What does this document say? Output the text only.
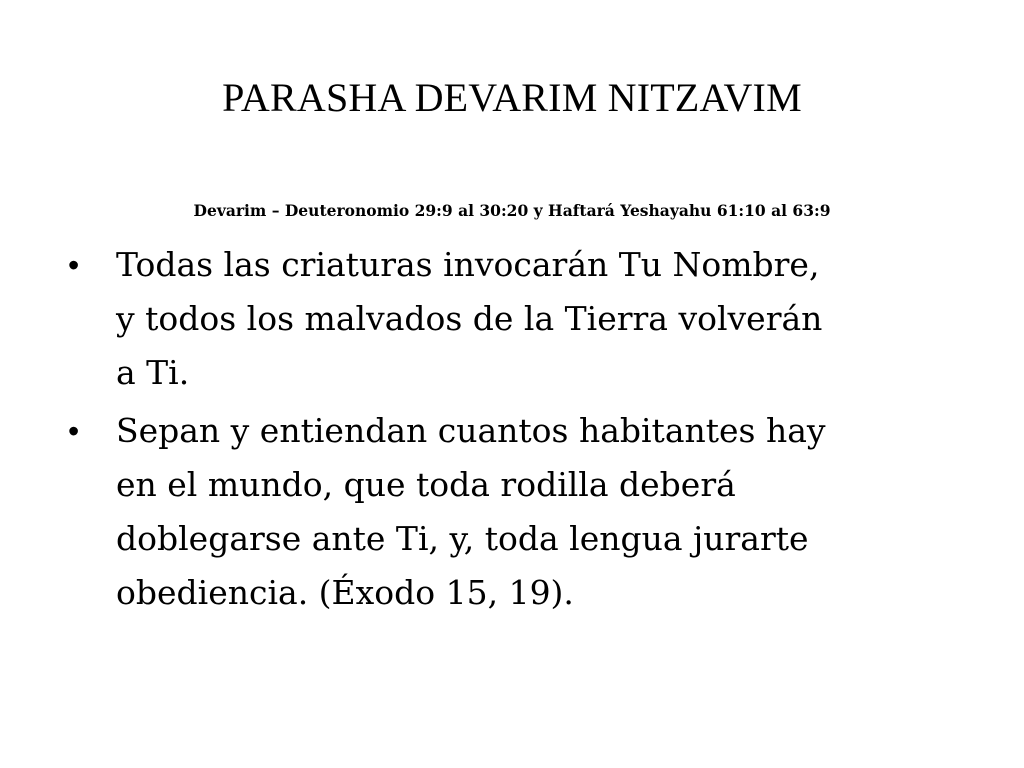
PARASHA DEVARIM NITZAVIM
Devarim – Deuteronomio 29:9 al 30:20 y Haftará Yeshayahu 61:10 al 63:9
• Todas las criaturas invocarán Tu Nombre,
y todos los malvados de la Tierra volverán
a Ti.
• Sepan y entiendan cuantos habitantes hay
en el mundo, que toda rodilla deberá
doblegarse ante Ti, y, toda lengua jurarte
obediencia. (Éxodo 15, 19).
